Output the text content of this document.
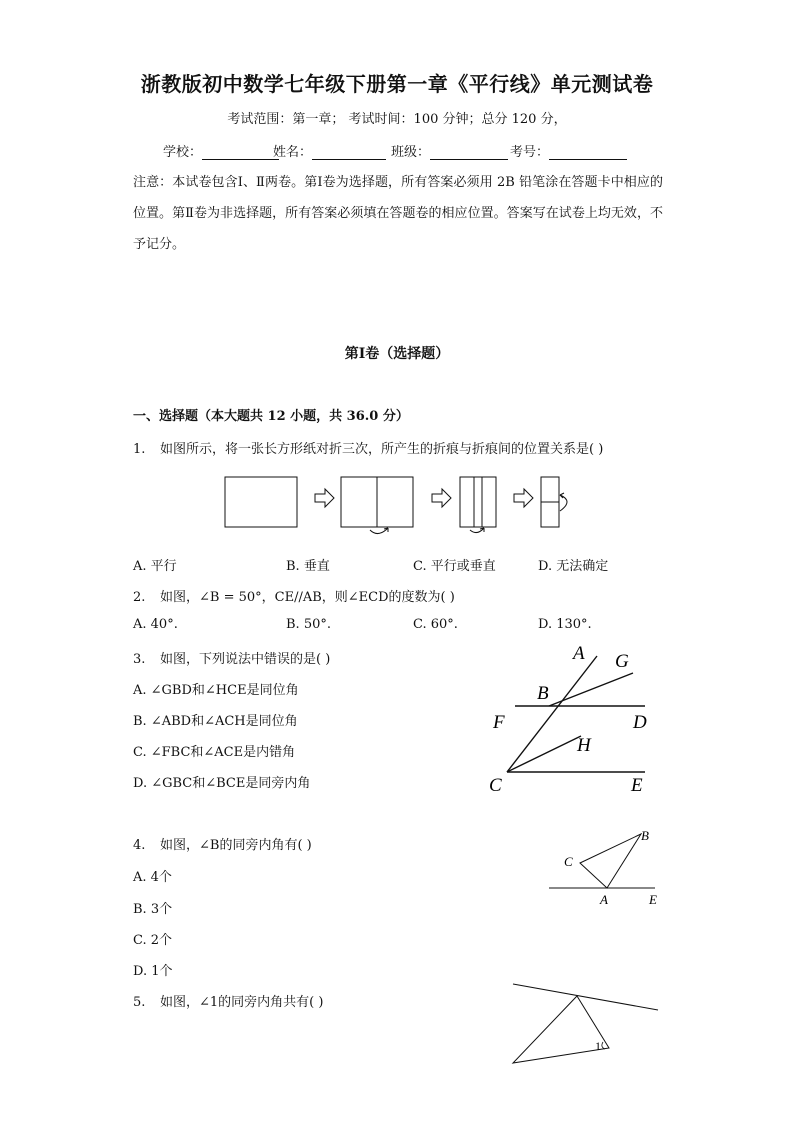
浙教版初中数学七年级下册第一章《平行线》单元测试卷
考试范围：第一章； 考试时间：100 分钟；总分 120 分，
学校：	姓名：	班级：	考号：
注意：本试卷包含Ⅰ、Ⅱ两卷。第Ⅰ卷为选择题，所有答案必须用 2B 铅笔涂在答题卡中相应的位置。第Ⅱ卷为非选择题，所有答案必须填在答题卷的相应位置。答案写在试卷上均无效，不予记分。
第Ⅰ卷（选择题）
一、选择题（本大题共 12 小题，共 36.0 分）
1. 如图所示，将一张长方形纸对折三次，所产生的折痕与折痕间的位置关系是( )
A. 平行	B. 垂直	C. 平行或垂直	D. 无法确定
2. 如图，∠B = 50°，CE//AB，则∠ECD的度数为( )
A. 40°.	B. 50°.	C. 60°.	D. 130°.
3. 如图，下列说法中错误的是( )
A. ∠GBD和∠HCE是同位角
B. ∠ABD和∠ACH是同位角
C. ∠FBC和∠ACE是内错角
D. ∠GBC和∠BCE是同旁内角
A G
B
F	D
H
C	E
4. 如图，∠B的同旁内角有( )
A. 4个
B. 3个
C. 2个
D. 1个
B
C
A	E
5. 如图，∠1的同旁内角共有( )
1
